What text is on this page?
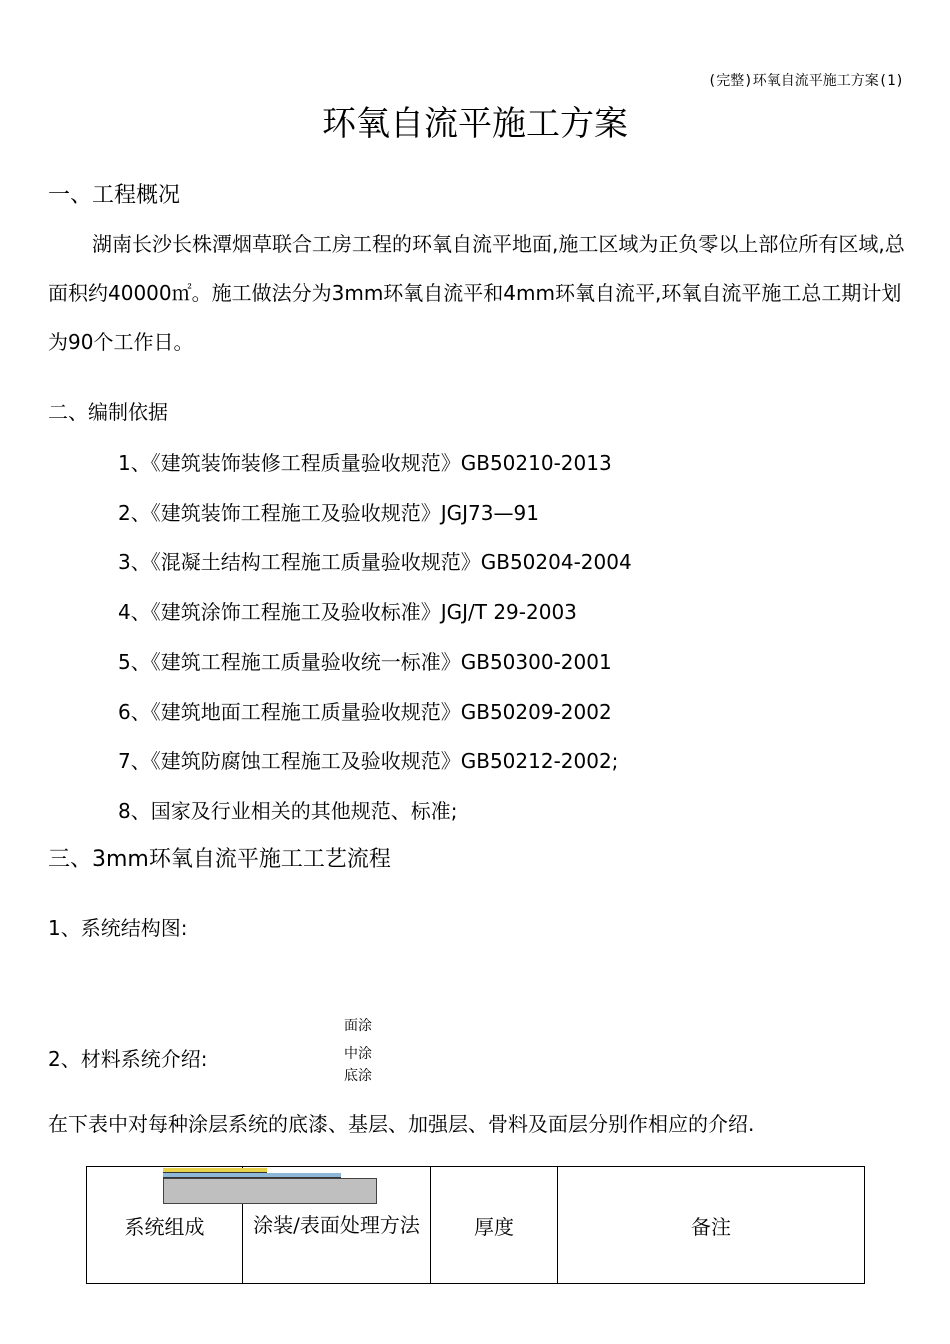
(完整)环氧自流平施工方案(1)
环氧自流平施工方案
一、工程概况
湖南长沙长株潭烟草联合工房工程的环氧自流平地面,施工区域为正负零以上部位所有区域,总面积约40000㎡。施工做法分为3mm环氧自流平和4mm环氧自流平,环氧自流平施工总工期计划为90个工作日。
二、编制依据
1、《建筑装饰装修工程质量验收规范》GB50210-2013
2、《建筑装饰工程施工及验收规范》JGJ73—91
3、《混凝土结构工程施工质量验收规范》GB50204-2004
4、《建筑涂饰工程施工及验收标准》JGJ/T 29-2003
5、《建筑工程施工质量验收统一标准》GB50300-2001
6、《建筑地面工程施工质量验收规范》GB50209-2002
7、《建筑防腐蚀工程施工及验收规范》GB50212-2002;
8、国家及行业相关的其他规范、标准;
三、3mm环氧自流平施工工艺流程
1、系统结构图:
面涂
中涂
底涂
2、材料系统介绍:
在下表中对每种涂层系统的底漆、基层、加强层、骨料及面层分别作相应的介绍.
系统组成	涂装/表面处理方法	厚度	备注
